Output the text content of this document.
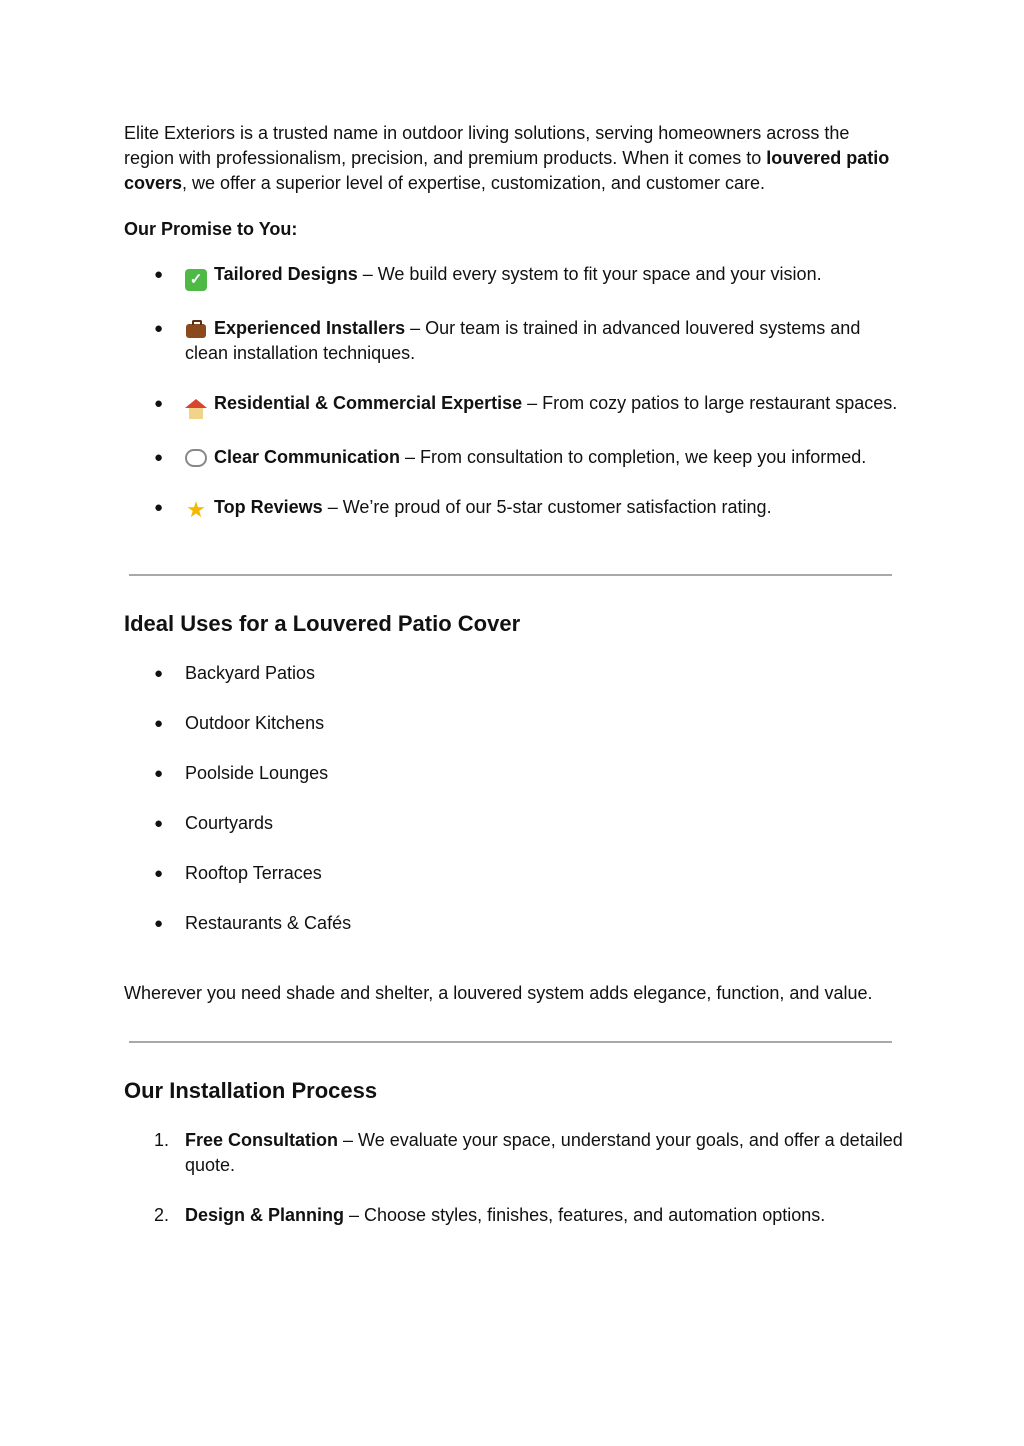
Elite Exteriors is a trusted name in outdoor living solutions, serving homeowners across the region with professionalism, precision, and premium products. When it comes to louvered patio covers, we offer a superior level of expertise, customization, and customer care.

Our Promise to You:

● ✓ Tailored Designs – We build every system to fit your space and your vision.
●	Experienced Installers – Our team is trained in advanced louvered systems and clean installation techniques.
●	Residential & Commercial Expertise – From cozy patios to large restaurant spaces.
●	Clear Communication – From consultation to completion, we keep you informed.
● ★ Top Reviews – We’re proud of our 5-star customer satisfaction rating.
Ideal Uses for a Louvered Patio Cover
● Backyard Patios
● Outdoor Kitchens
● Poolside Lounges
● Courtyards
● Rooftop Terraces
● Restaurants & Cafés

Wherever you need shade and shelter, a louvered system adds elegance, function, and value.

Our Installation Process
1. Free Consultation – We evaluate your space, understand your goals, and offer a detailed quote.
2. Design & Planning – Choose styles, finishes, features, and automation options.
